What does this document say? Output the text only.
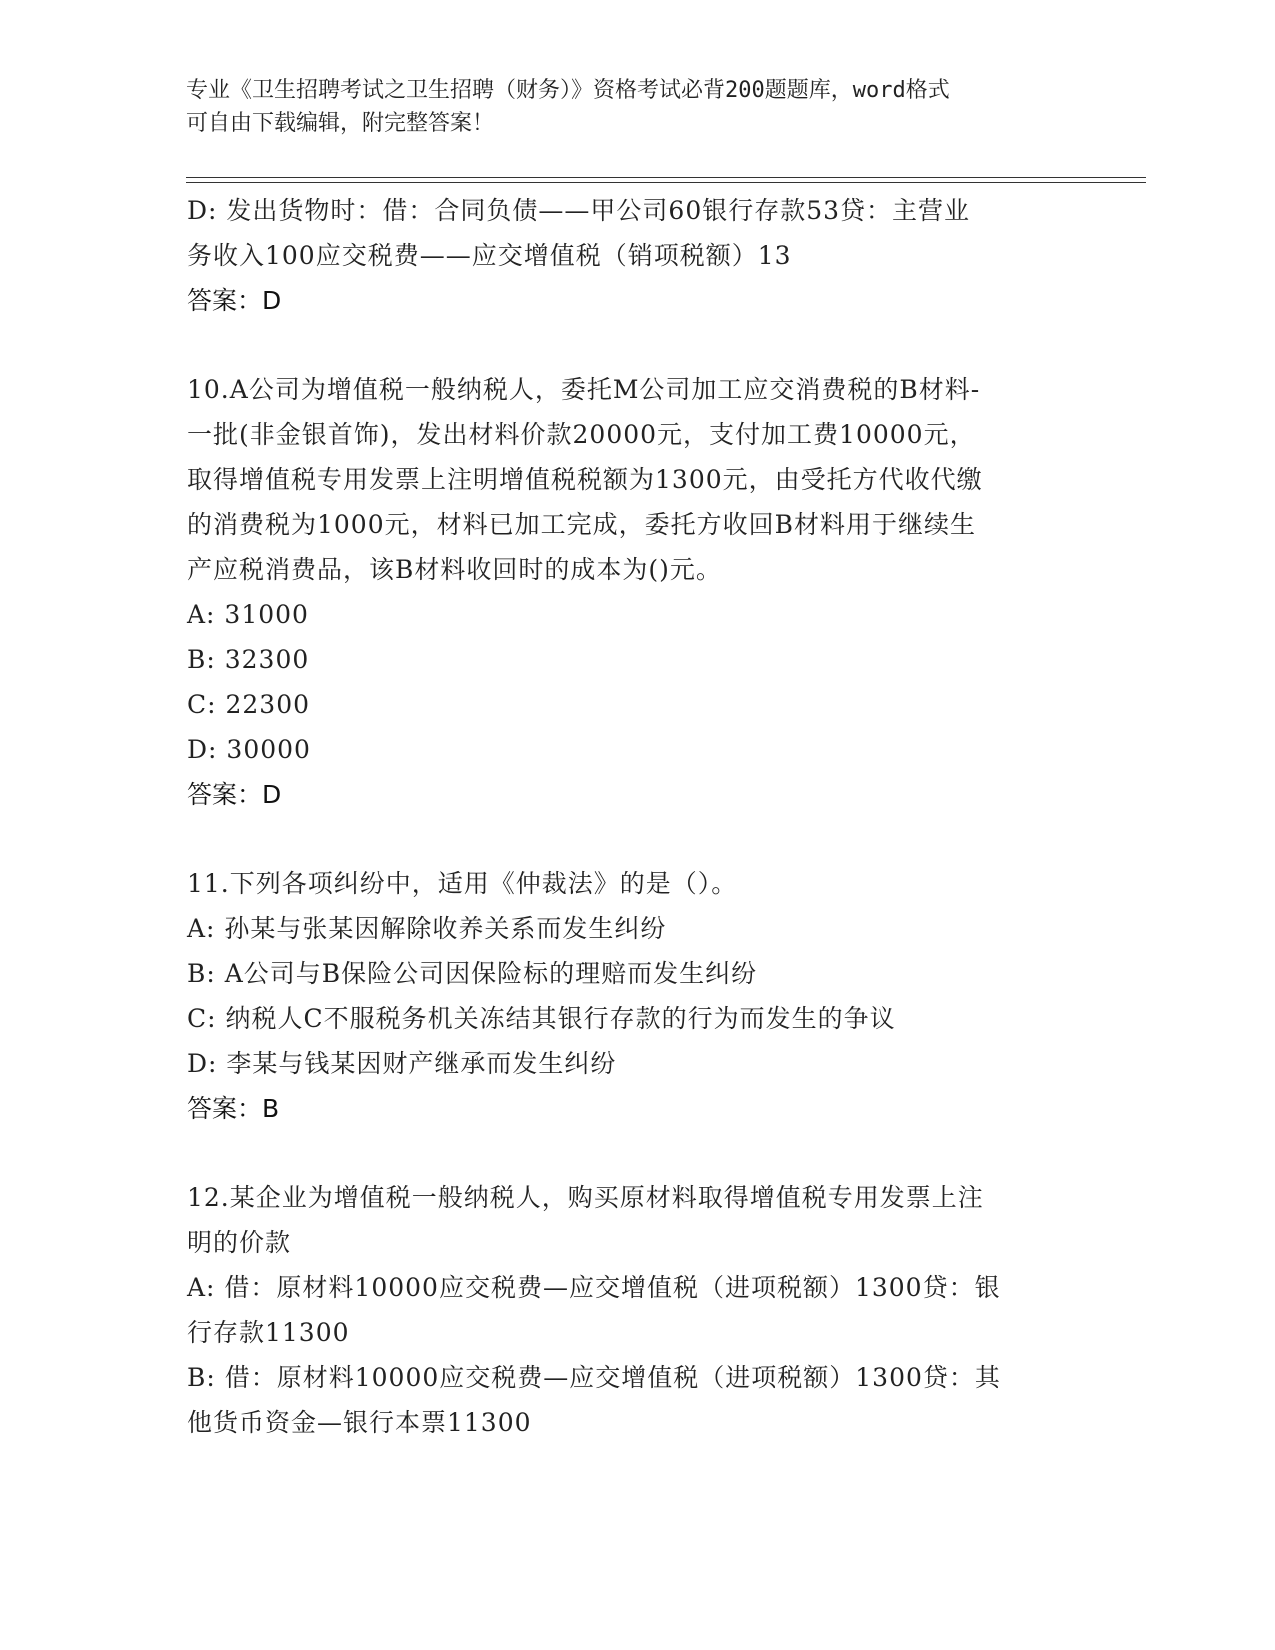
专业《卫生招聘考试之卫生招聘（财务）》资格考试必背200题题库，word格式
可自由下载编辑，附完整答案！
D: 发出货物时：借：合同负债——甲公司60银行存款53贷：主营业
务收入100应交税费——应交增值税（销项税额）13
答案：D
10.A公司为增值税一般纳税人，委托M公司加工应交消费税的B材料-
一批(非金银首饰)，发出材料价款20000元，支付加工费10000元，
取得增值税专用发票上注明增值税税额为1300元，由受托方代收代缴
的消费税为1000元，材料已加工完成，委托方收回B材料用于继续生
产应税消费品，该B材料收回时的成本为()元。
A: 31000
B: 32300
C: 22300
D: 30000
答案：D
11.下列各项纠纷中，适用《仲裁法》的是（）。
A: 孙某与张某因解除收养关系而发生纠纷
B: A公司与B保险公司因保险标的理赔而发生纠纷
C: 纳税人C不服税务机关冻结其银行存款的行为而发生的争议
D: 李某与钱某因财产继承而发生纠纷
答案：B
12.某企业为增值税一般纳税人，购买原材料取得增值税专用发票上注
明的价款
A: 借：原材料10000应交税费—应交增值税（进项税额）1300贷：银
行存款11300
B: 借：原材料10000应交税费—应交增值税（进项税额）1300贷：其
他货币资金—银行本票11300
